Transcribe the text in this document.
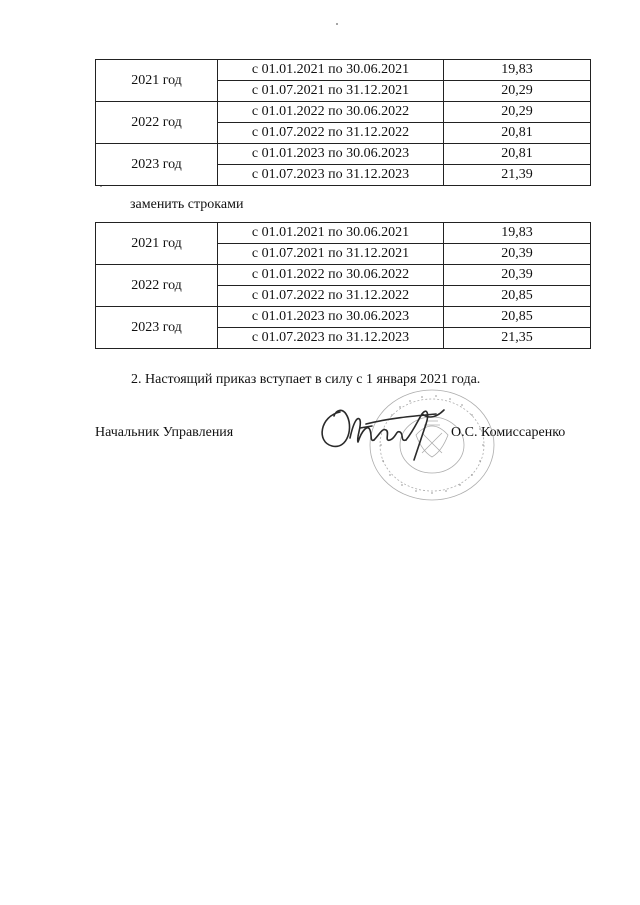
2021 год	с 01.01.2021 по 30.06.2021	19,83
	с 01.07.2021 по 31.12.2021	20,29
2022 год	с 01.01.2022 по 30.06.2022	20,29
	с 01.07.2022 по 31.12.2022	20,81
2023 год	с 01.01.2023 по 30.06.2023	20,81
	с 01.07.2023 по 31.12.2023	21,39
заменить строками
2021 год	с 01.01.2021 по 30.06.2021	19,83
	с 01.07.2021 по 31.12.2021	20,39
2022 год	с 01.01.2022 по 30.06.2022	20,39
	с 01.07.2022 по 31.12.2022	20,85
2023 год	с 01.01.2023 по 30.06.2023	20,85
	с 01.07.2023 по 31.12.2023	21,35
2. Настоящий приказ вступает в силу с 1 января 2021 года.
Начальник Управления	О.С. Комиссаренко
